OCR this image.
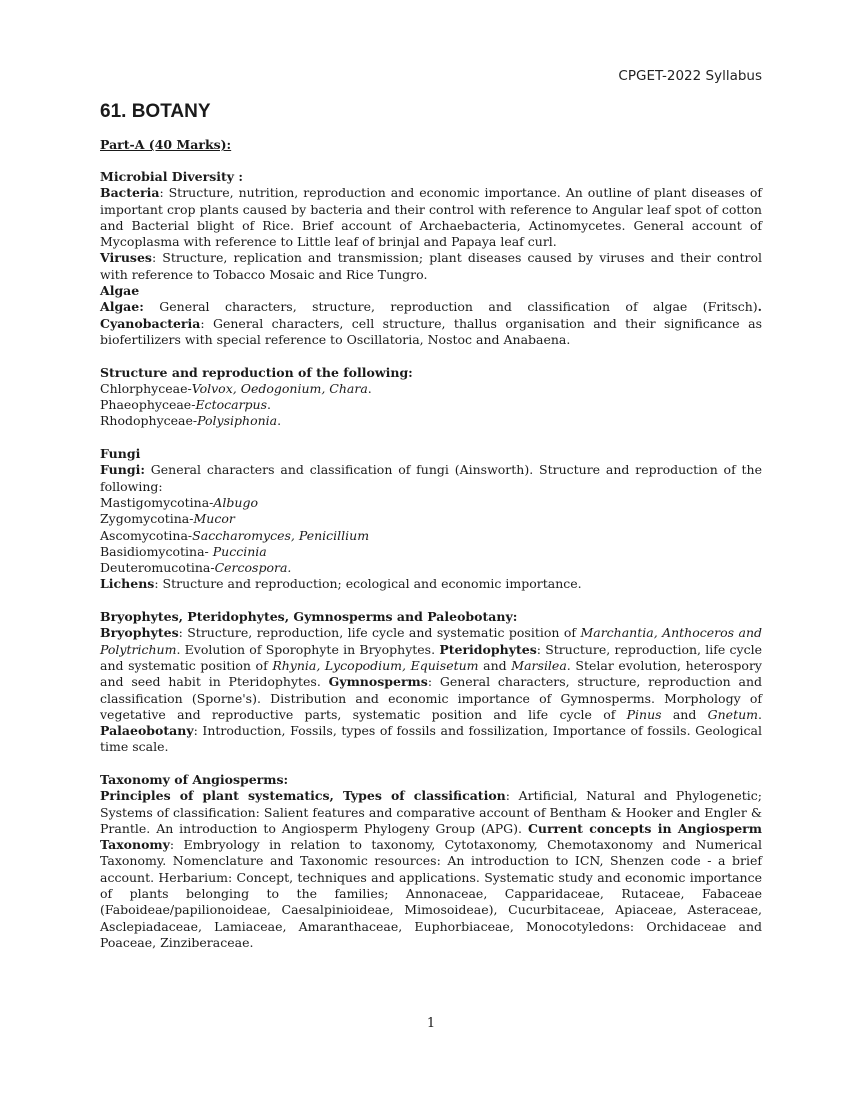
CPGET-2022 Syllabus
61. BOTANY

Part-A (40 Marks):

Microbial Diversity :

Bacteria: Structure, nutrition, reproduction and economic importance. An outline of plant diseases of important crop plants caused by bacteria and their control with reference to Angular leaf spot of cotton and Bacterial blight of Rice. Brief account of Archaebacteria, Actinomycetes. General account of Mycoplasma with reference to Little leaf of brinjal and Papaya leaf curl.

Viruses: Structure, replication and transmission; plant diseases caused by viruses and their control with reference to Tobacco Mosaic and Rice Tungro.

Algae

Algae: General characters, structure, reproduction and classification of algae (Fritsch). Cyanobacteria: General characters, cell structure, thallus organisation and their significance as biofertilizers with special reference to Oscillatoria, Nostoc and Anabaena.

Structure and reproduction of the following:

Chlorphyceae-Volvox, Oedogonium, Chara.

Phaeophyceae-Ectocarpus.

Rhodophyceae-Polysiphonia.

Fungi

Fungi: General characters and classification of fungi (Ainsworth). Structure and reproduction of the following:

Mastigomycotina-Albugo

Zygomycotina-Mucor

Ascomycotina-Saccharomyces, Penicillium

Basidiomycotina- Puccinia

Deuteromucotina-Cercospora.

Lichens: Structure and reproduction; ecological and economic importance.

Bryophytes, Pteridophytes, Gymnosperms and Paleobotany:

Bryophytes: Structure, reproduction, life cycle and systematic position of Marchantia, Anthoceros and Polytrichum. Evolution of Sporophyte in Bryophytes. Pteridophytes: Structure, reproduction, life cycle and systematic position of Rhynia, Lycopodium, Equisetum and Marsilea. Stelar evolution, heterospory and seed habit in Pteridophytes. Gymnosperms: General characters, structure, reproduction and classification (Sporne's). Distribution and economic importance of Gymnosperms. Morphology of vegetative and reproductive parts, systematic position and life cycle of Pinus and Gnetum. Palaeobotany: Introduction, Fossils, types of fossils and fossilization, Importance of fossils. Geological time scale.

Taxonomy of Angiosperms:

Principles of plant systematics, Types of classification: Artificial, Natural and Phylogenetic; Systems of classification: Salient features and comparative account of Bentham & Hooker and Engler & Prantle. An introduction to Angiosperm Phylogeny Group (APG). Current concepts in Angiosperm Taxonomy: Embryology in relation to taxonomy, Cytotaxonomy, Chemotaxonomy and Numerical Taxonomy. Nomenclature and Taxonomic resources: An introduction to ICN, Shenzen code - a brief account. Herbarium: Concept, techniques and applications. Systematic study and economic importance of plants belonging to the families; Annonaceae, Capparidaceae, Rutaceae, Fabaceae (Faboideae/papilionoideae, Caesalpinioideae, Mimosoideae), Cucurbitaceae, Apiaceae, Asteraceae, Asclepiadaceae, Lamiaceae, Amaranthaceae, Euphorbiaceae, Monocotyledons: Orchidaceae and Poaceae, Zinziberaceae.

1
